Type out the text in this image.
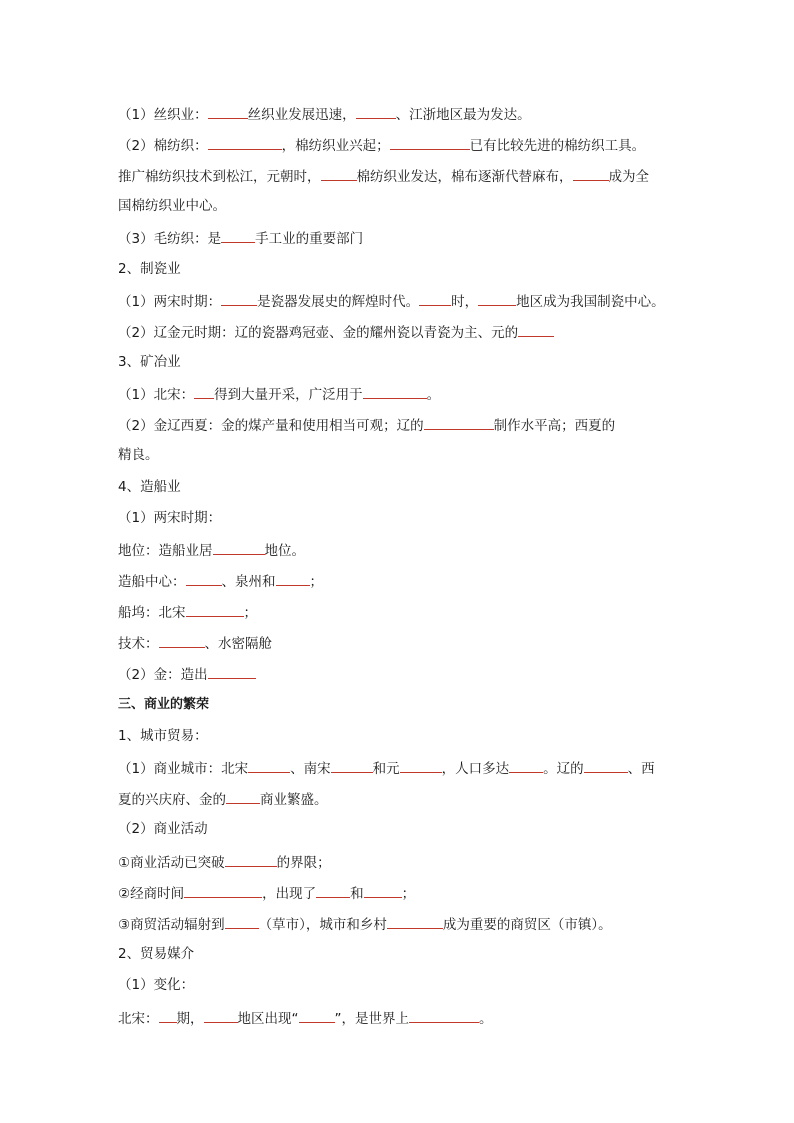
（1）丝织业：	丝织业发展迅速，	、江浙地区最为发达。
（2）棉纺织：	，棉纺织业兴起；	已有比较先进的棉纺织工具。
推广棉纺织技术到松江，元朝时，	棉纺织业发达，棉布逐渐代替麻布，	成为全
国棉纺织业中心。
（3）毛纺织：是	手工业的重要部门
2、制瓷业
（1）两宋时期：	是瓷器发展史的辉煌时代。 时，	地区成为我国制瓷中心。
（2）辽金元时期：辽的瓷器鸡冠壶、金的耀州瓷以青瓷为主、元的
3、矿冶业
（1）北宋： 得到大量开采，广泛用于	。
（2）金辽西夏：金的煤产量和使用相当可观；辽的	制作水平高；西夏的
精良。
4、造船业
（1）两宋时期：
地位：造船业居	地位。
造船中心：	、泉州和	；
船坞：北宋	；
技术：	、水密隔舱
（2）金：造出
三、商业的繁荣
1、城市贸易：
（1）商业城市：北宋	、南宋	和元	，人口多达	。辽的	、西
夏的兴庆府、金的	商业繁盛。
（2）商业活动
①商业活动已突破	的界限；
②经商时间	，出现了	和	；
③商贸活动辐射到	（草市），城市和乡村	成为重要的商贸区（市镇）。
2、贸易媒介
（1）变化：
北宋： 期，	地区出现“	”，是世界上	。
